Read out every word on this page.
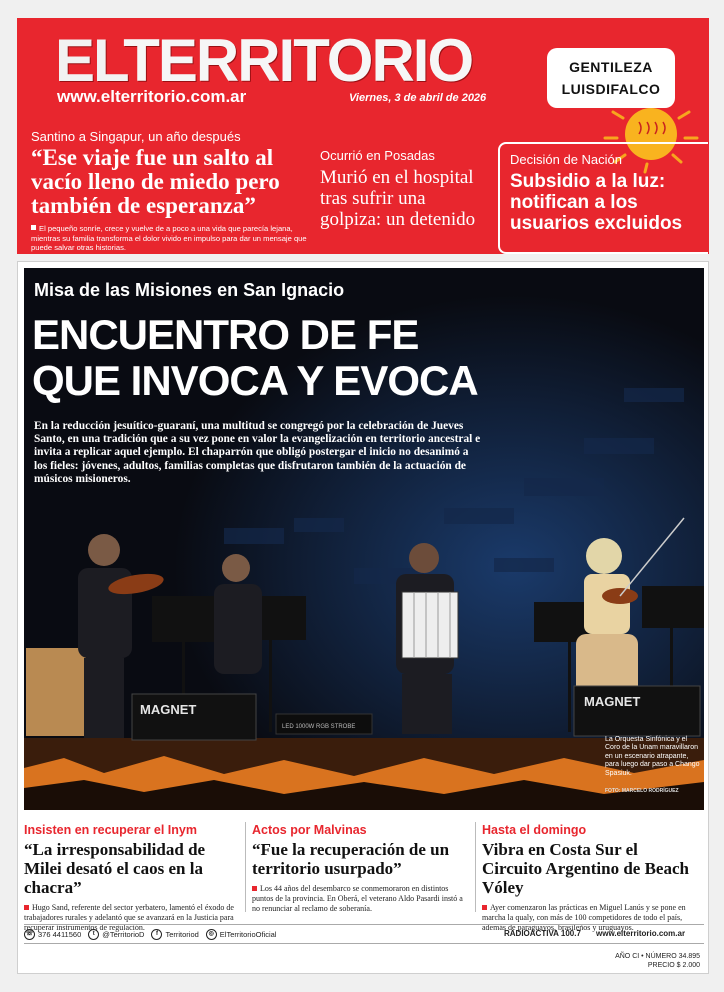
ELTERRITORIO
www.elterritorio.com.ar	Viernes, 3 de abril de 2026
GENTILEZA
LUISDIFALCO
Santino a Singapur, un año después
“Ese viaje fue un salto al vacío lleno de miedo pero también de esperanza”
El pequeño sonríe, crece y vuelve de a poco a una vida que parecía lejana, mientras su familia transforma el dolor vivido en impulso para dar un mensaje que puede salvar otras historias.
Ocurrió en Posadas
Murió en el hospital tras sufrir una golpiza: un detenido
Decisión de Nación
Subsidio a la luz: notifican a los usuarios excluidos
MAGNET
MAGNET
LED 1000W RGB STROBE
Misa de las Misiones en San Ignacio
ENCUENTRO DE FE
QUE INVOCA Y EVOCA
En la reducción jesuítico-guaraní, una multitud se congregó por la celebración de Jueves Santo, en una tradición que a su vez pone en valor la evangelización en territorio ancestral e invita a replicar aquel ejemplo. El chaparrón que obligó postergar el inicio no desanimó a los fieles: jóvenes, adultos, familias completas que disfrutaron también de la actuación de músicos misioneros.
La Orquesta Sinfónica y el Coro de la Unam maravillaron en un escenario atrapante, para luego dar paso a Chango Spasiuk.
FOTO: MARCELO RODRÍGUEZ
Insisten en recuperar el Inym
“La irresponsabilidad de Milei desató el caos en la chacra”
Hugo Sand, referente del sector yerbatero, lamentó el éxodo de trabajadores rurales y adelantó que se avanzará en la Justicia para recuperar instrumentos de regulación.
Actos por Malvinas
“Fue la recuperación de un territorio usurpado”
Los 44 años del desembarco se conmemoraron en distintos puntos de la provincia. En Oberá, el veterano Aldo Pasardi instó a no renunciar al reclamo de soberanía.
Hasta el domingo
Vibra en Costa Sur el Circuito Argentino de Beach Vóley
Ayer comenzaron las prácticas en Miguel Lanús y se pone en marcha la qualy, con más de 100 competidores de todo el país, además de paraguayos, brasileños y uruguayos.
☏ 376 4411560	t	@TerritorioD	f	Territoriod	◎ ElTerritorioOficial	RADIOACTIVA 100.7 www.elterritorio.com.ar
AÑO CI • NÚMERO 34.895
PRECIO $ 2.000
